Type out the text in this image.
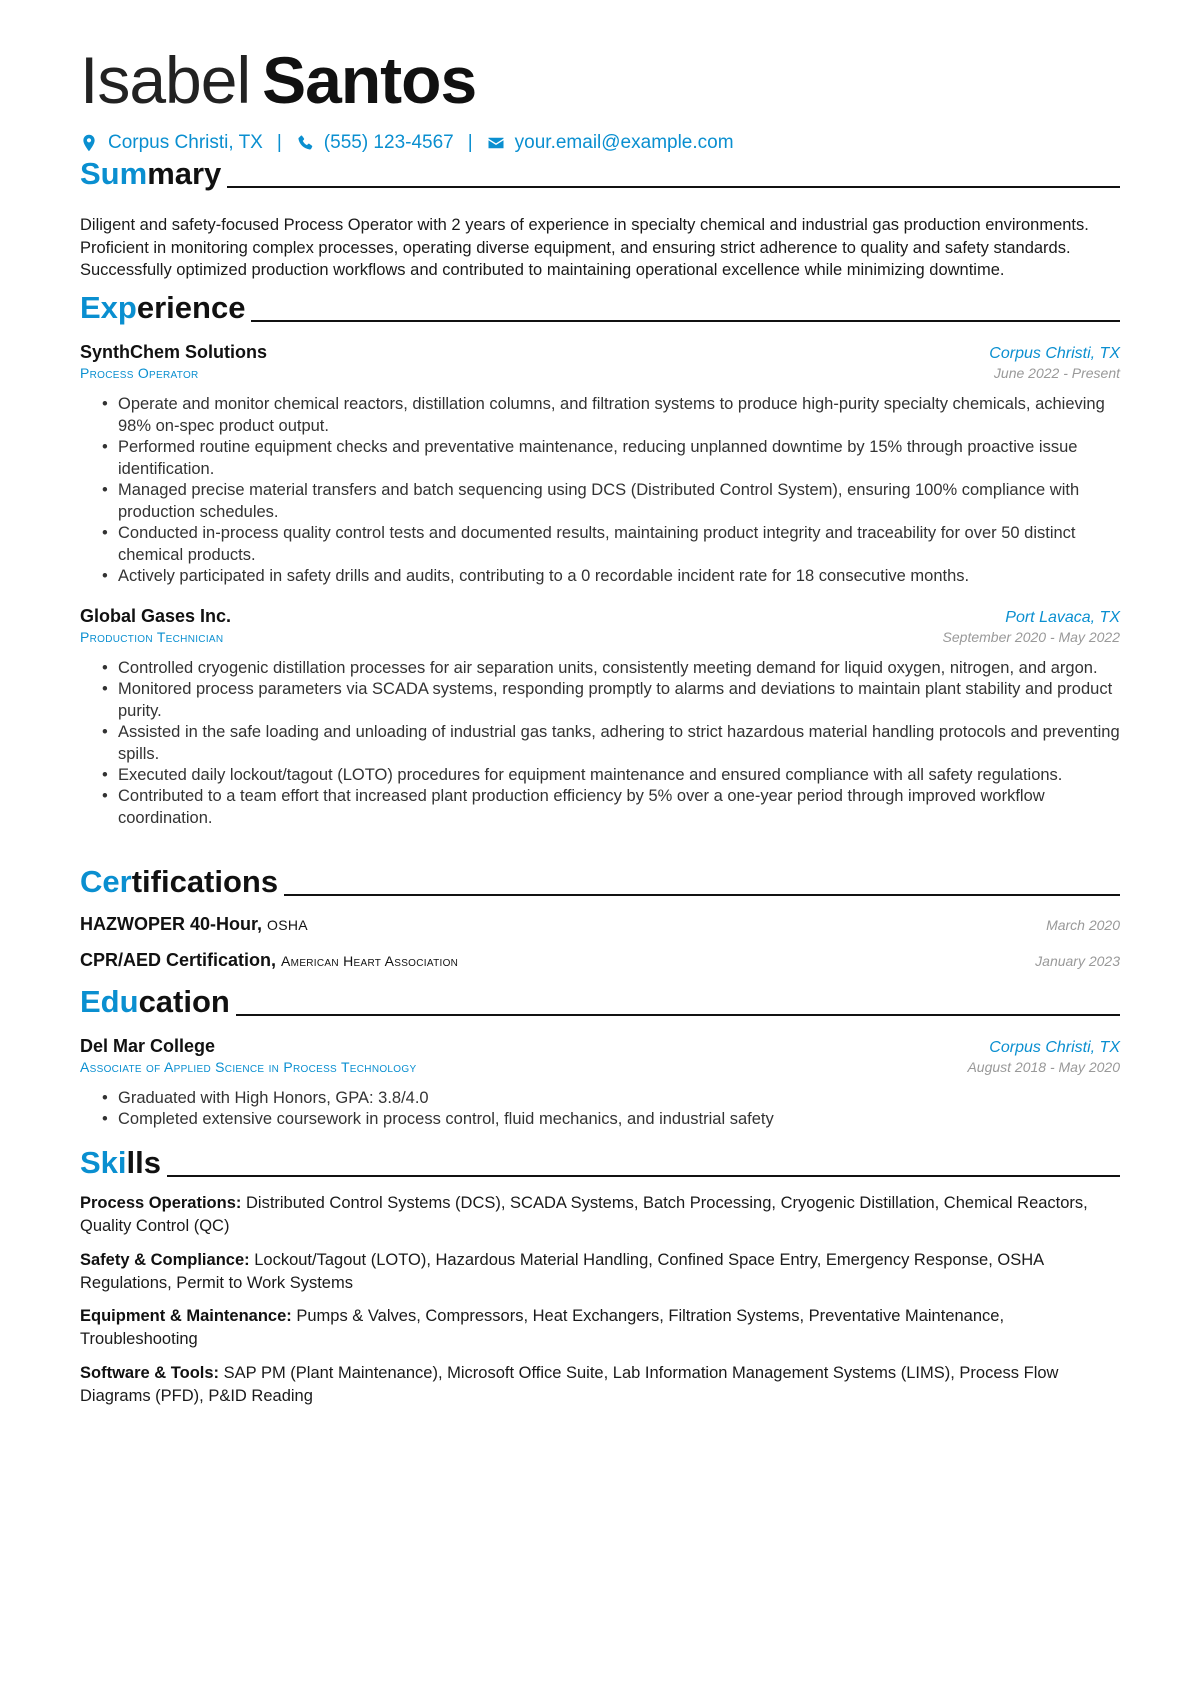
Isabel Santos
Corpus Christi, TX | (555) 123-4567 | your.email@example.com
Summary
Diligent and safety-focused Process Operator with 2 years of experience in specialty chemical and industrial gas production environments. Proficient in monitoring complex processes, operating diverse equipment, and ensuring strict adherence to quality and safety standards. Successfully optimized production workflows and contributed to maintaining operational excellence while minimizing downtime.
Experience
SynthChem Solutions	Corpus Christi, TX
Process Operator	June 2022 - Present
• Operate and monitor chemical reactors, distillation columns, and filtration systems to produce high-purity specialty chemicals, achieving 98% on-spec product output.
• Performed routine equipment checks and preventative maintenance, reducing unplanned downtime by 15% through proactive issue identification.
• Managed precise material transfers and batch sequencing using DCS (Distributed Control System), ensuring 100% compliance with production schedules.
• Conducted in-process quality control tests and documented results, maintaining product integrity and traceability for over 50 distinct chemical products.
• Actively participated in safety drills and audits, contributing to a 0 recordable incident rate for 18 consecutive months.
Global Gases Inc.	Port Lavaca, TX
Production Technician	September 2020 - May 2022
• Controlled cryogenic distillation processes for air separation units, consistently meeting demand for liquid oxygen, nitrogen, and argon.
• Monitored process parameters via SCADA systems, responding promptly to alarms and deviations to maintain plant stability and product purity.
• Assisted in the safe loading and unloading of industrial gas tanks, adhering to strict hazardous material handling protocols and preventing spills.
• Executed daily lockout/tagout (LOTO) procedures for equipment maintenance and ensured compliance with all safety regulations.
• Contributed to a team effort that increased plant production efficiency by 5% over a one-year period through improved workflow coordination.
Certifications
HAZWOPER 40-Hour, OSHA	March 2020
CPR/AED Certification, American Heart Association	January 2023
Education
Del Mar College	Corpus Christi, TX
Associate of Applied Science in Process Technology	August 2018 - May 2020
• Graduated with High Honors, GPA: 3.8/4.0
• Completed extensive coursework in process control, fluid mechanics, and industrial safety
Skills
Process Operations: Distributed Control Systems (DCS), SCADA Systems, Batch Processing, Cryogenic Distillation, Chemical Reactors, Quality Control (QC)
Safety & Compliance: Lockout/Tagout (LOTO), Hazardous Material Handling, Confined Space Entry, Emergency Response, OSHA Regulations, Permit to Work Systems
Equipment & Maintenance: Pumps & Valves, Compressors, Heat Exchangers, Filtration Systems, Preventative Maintenance, Troubleshooting
Software & Tools: SAP PM (Plant Maintenance), Microsoft Office Suite, Lab Information Management Systems (LIMS), Process Flow Diagrams (PFD), P&ID Reading
